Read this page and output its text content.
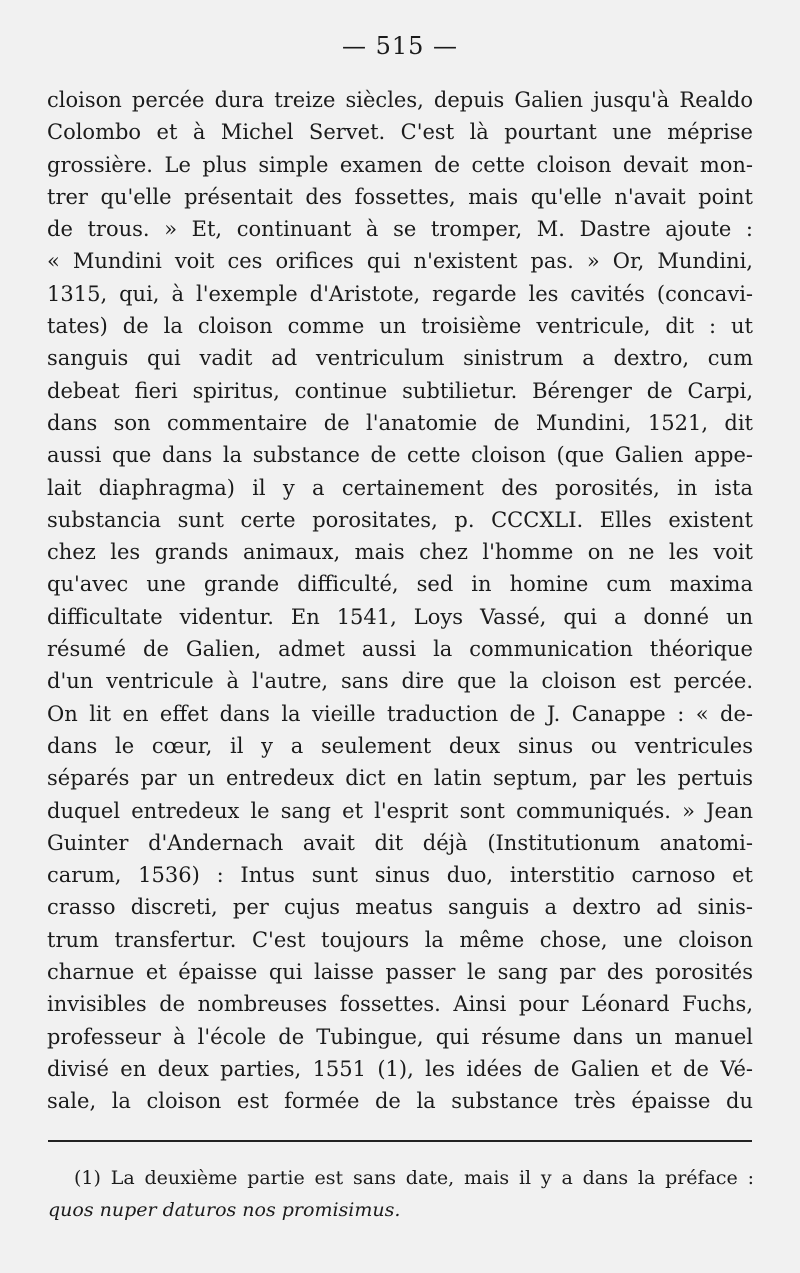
— 515 —
cloison percée dura treize siècles, depuis Galien jusqu'à Realdo
Colombo et à Michel Servet. C'est là pourtant une méprise
grossière. Le plus simple examen de cette cloison devait mon-
trer qu'elle présentait des fossettes, mais qu'elle n'avait point
de trous. » Et, continuant à se tromper, M. Dastre ajoute :
« Mundini voit ces orifices qui n'existent pas. » Or, Mundini,
1315, qui, à l'exemple d'Aristote, regarde les cavités (concavi-
tates) de la cloison comme un troisième ventricule, dit : ut
sanguis qui vadit ad ventriculum sinistrum a dextro, cum
debeat fieri spiritus, continue subtilietur. Bérenger de Carpi,
dans son commentaire de l'anatomie de Mundini, 1521, dit
aussi que dans la substance de cette cloison (que Galien appe-
lait diaphragma) il y a certainement des porosités, in ista
substancia sunt certe porositates, p. CCCXLI. Elles existent
chez les grands animaux, mais chez l'homme on ne les voit
qu'avec une grande difficulté, sed in homine cum maxima
difficultate videntur. En 1541, Loys Vassé, qui a donné un
résumé de Galien, admet aussi la communication théorique
d'un ventricule à l'autre, sans dire que la cloison est percée.
On lit en effet dans la vieille traduction de J. Canappe : « de-
dans le cœur, il y a seulement deux sinus ou ventricules
séparés par un entredeux dict en latin septum, par les pertuis
duquel entredeux le sang et l'esprit sont communiqués. » Jean
Guinter d'Andernach avait dit déjà (Institutionum anatomi-
carum, 1536) : Intus sunt sinus duo, interstitio carnoso et
crasso discreti, per cujus meatus sanguis a dextro ad sinis-
trum transfertur. C'est toujours la même chose, une cloison
charnue et épaisse qui laisse passer le sang par des porosités
invisibles de nombreuses fossettes. Ainsi pour Léonard Fuchs,
professeur à l'école de Tubingue, qui résume dans un manuel
divisé en deux parties, 1551 (1), les idées de Galien et de Vé-
sale, la cloison est formée de la substance très épaisse du
(1) La deuxième partie est sans date, mais il y a dans la préface :
quos nuper daturos nos promisimus.
